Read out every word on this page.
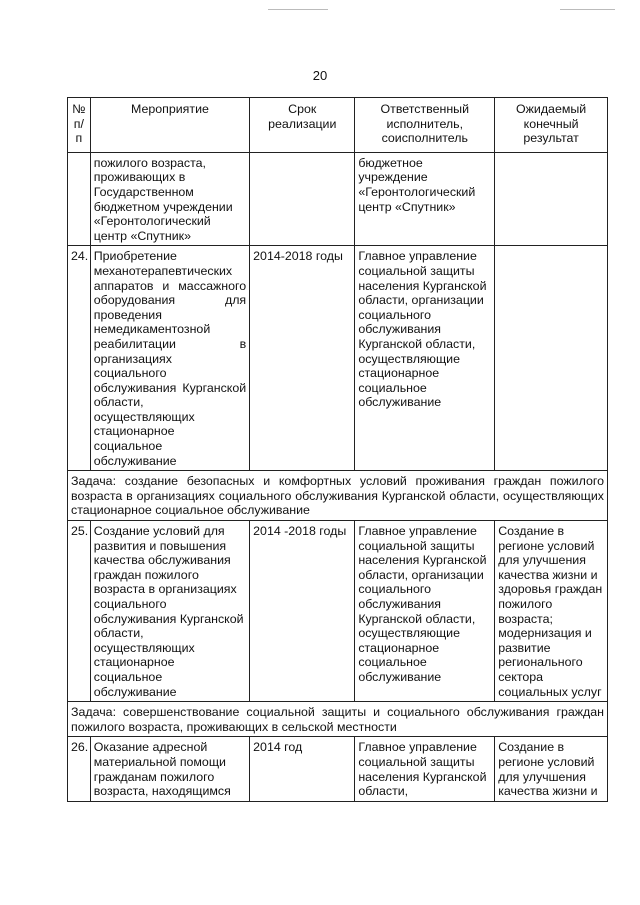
20
№ п/п	Мероприятие	Срок реализации	Ответственный исполнитель, соисполнитель	Ожидаемый конечный результат
	пожилого возраста, проживающих в Государственном бюджетном учреждении «Геронтологический центр «Спутник»		бюджетное учреждение «Геронтологический центр «Спутник»	
24.	Приобретение механотерапевтических аппаратов и массажного оборудования для проведения немедикаментозной реабилитации в организациях социального обслуживания Курганской области, осуществляющих стационарное социальное обслуживание	2014-2018 годы	Главное управление социальной защиты населения Курганской области, организации социального обслуживания Курганской области, осуществляющие стационарное социальное обслуживание	
Задача: создание безопасных и комфортных условий проживания граждан пожилого возраста в организациях социального обслуживания Курганской области, осуществляющих стационарное социальное обслуживание				
25.	Создание условий для развития и повышения качества обслуживания граждан пожилого возраста в организациях социального обслуживания Курганской области, осуществляющих стационарное социальное обслуживание	2014 -2018 годы	Главное управление социальной защиты населения Курганской области, организации социального обслуживания Курганской области, осуществляющие стационарное социальное обслуживание	Создание в регионе условий для улучшения качества жизни и здоровья граждан пожилого возраста; модернизация и развитие регионального сектора социальных услуг
Задача: совершенствование социальной защиты и социального обслуживания граждан пожилого возраста, проживающих в сельской местности				
26.	Оказание адресной материальной помощи гражданам пожилого возраста, находящимся	2014 год	Главное управление социальной защиты населения Курганской области,	Создание в регионе условий для улучшения качества жизни и
